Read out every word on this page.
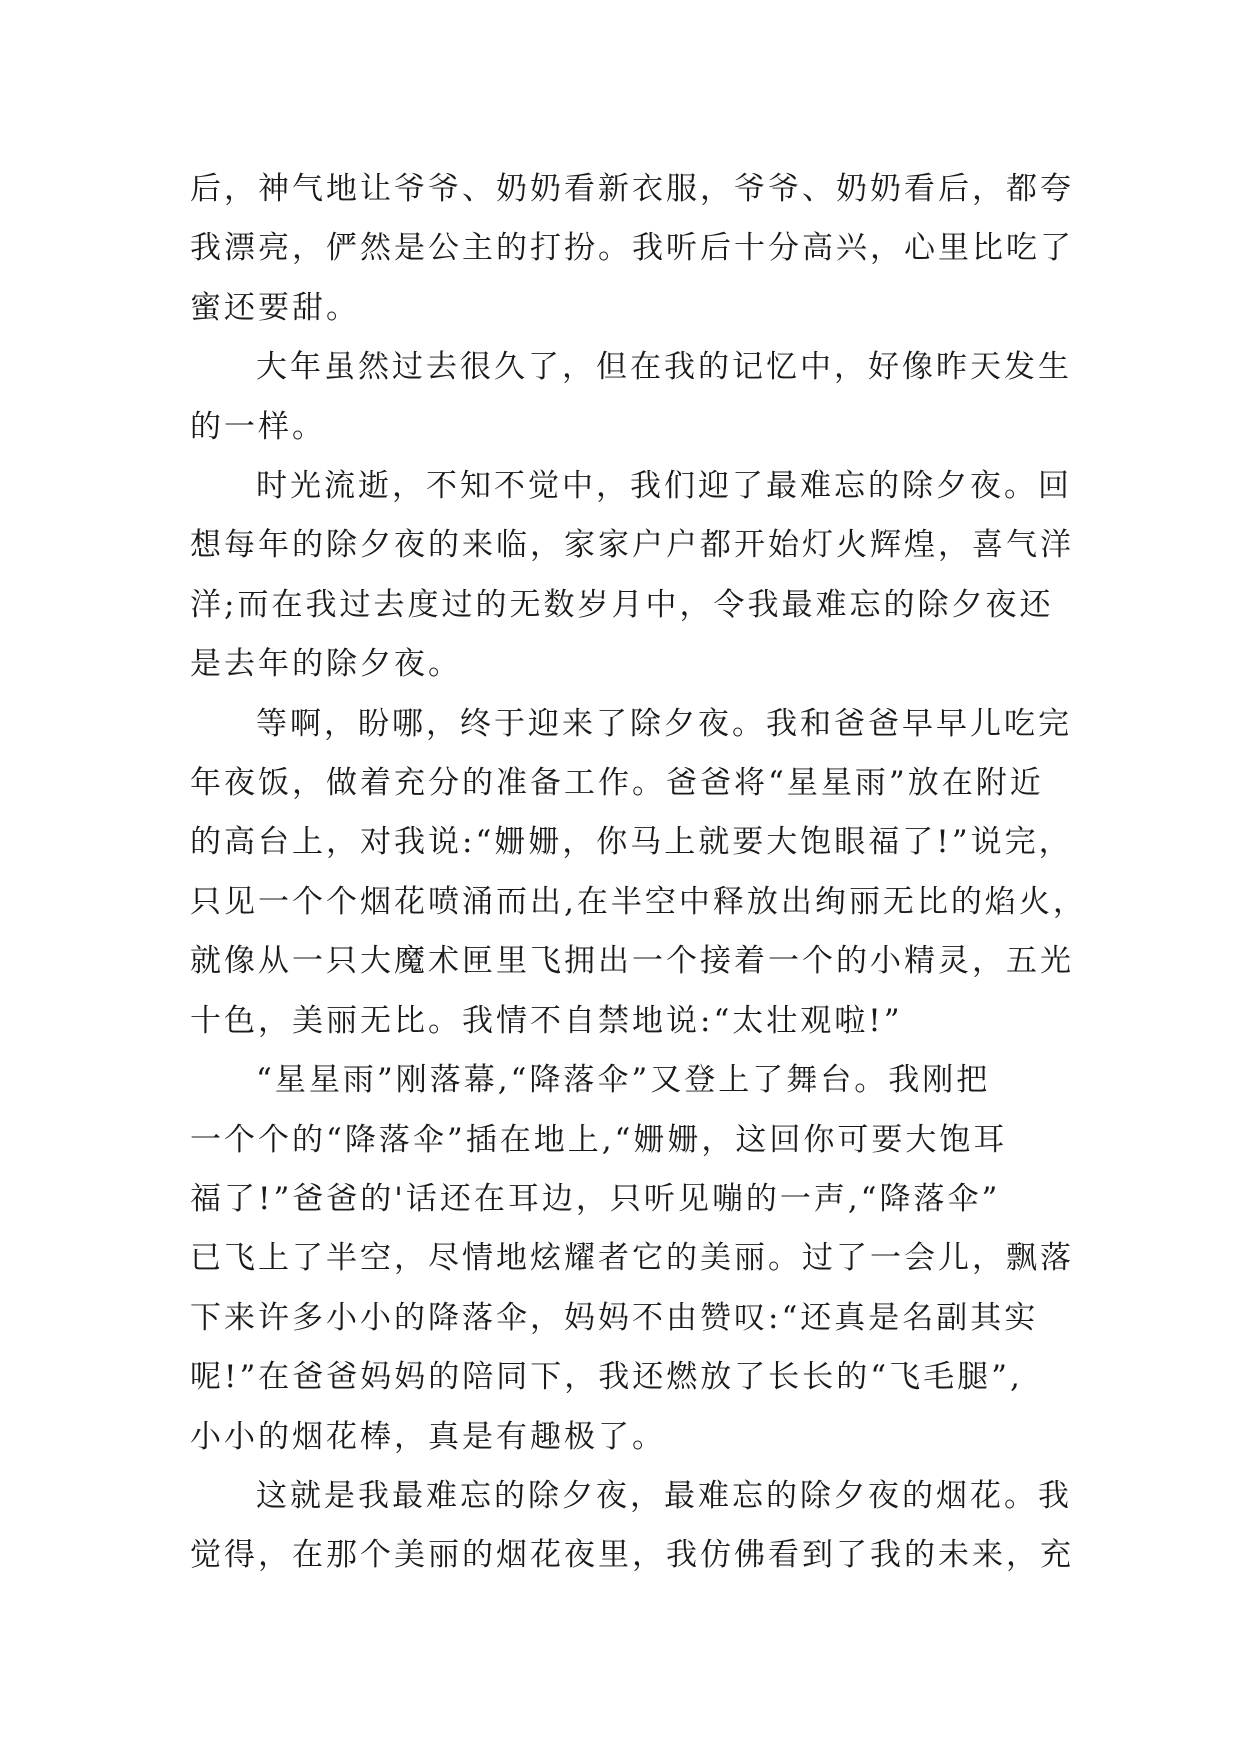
后，神气地让爷爷、奶奶看新衣服，爷爷、奶奶看后，都夸
我漂亮，俨然是公主的打扮。我听后十分高兴，心里比吃了
蜜还要甜。

大年虽然过去很久了，但在我的记忆中，好像昨天发生
的一样。

时光流逝，不知不觉中，我们迎了最难忘的除夕夜。回
想每年的除夕夜的来临，家家户户都开始灯火辉煌，喜气洋
洋;而在我过去度过的无数岁月中，令我最难忘的除夕夜还
是去年的除夕夜。

等啊，盼哪，终于迎来了除夕夜。我和爸爸早早儿吃完
年夜饭，做着充分的准备工作。爸爸将“星星雨”放在附近
的高台上，对我说:“姗姗，你马上就要大饱眼福了!”说完，
只见一个个烟花喷涌而出,在半空中释放出绚丽无比的焰火，
就像从一只大魔术匣里飞拥出一个接着一个的小精灵，五光
十色，美丽无比。我情不自禁地说:“太壮观啦!”

“星星雨”刚落幕,“降落伞”又登上了舞台。我刚把
一个个的“降落伞”插在地上,“姗姗，这回你可要大饱耳
福了!”爸爸的'话还在耳边，只听见嘣的一声,“降落伞”
已飞上了半空，尽情地炫耀者它的美丽。过了一会儿，飘落
下来许多小小的降落伞，妈妈不由赞叹:“还真是名副其实
呢!”在爸爸妈妈的陪同下，我还燃放了长长的“飞毛腿”,
小小的烟花棒，真是有趣极了。

这就是我最难忘的除夕夜，最难忘的除夕夜的烟花。我
觉得，在那个美丽的烟花夜里，我仿佛看到了我的未来，充
